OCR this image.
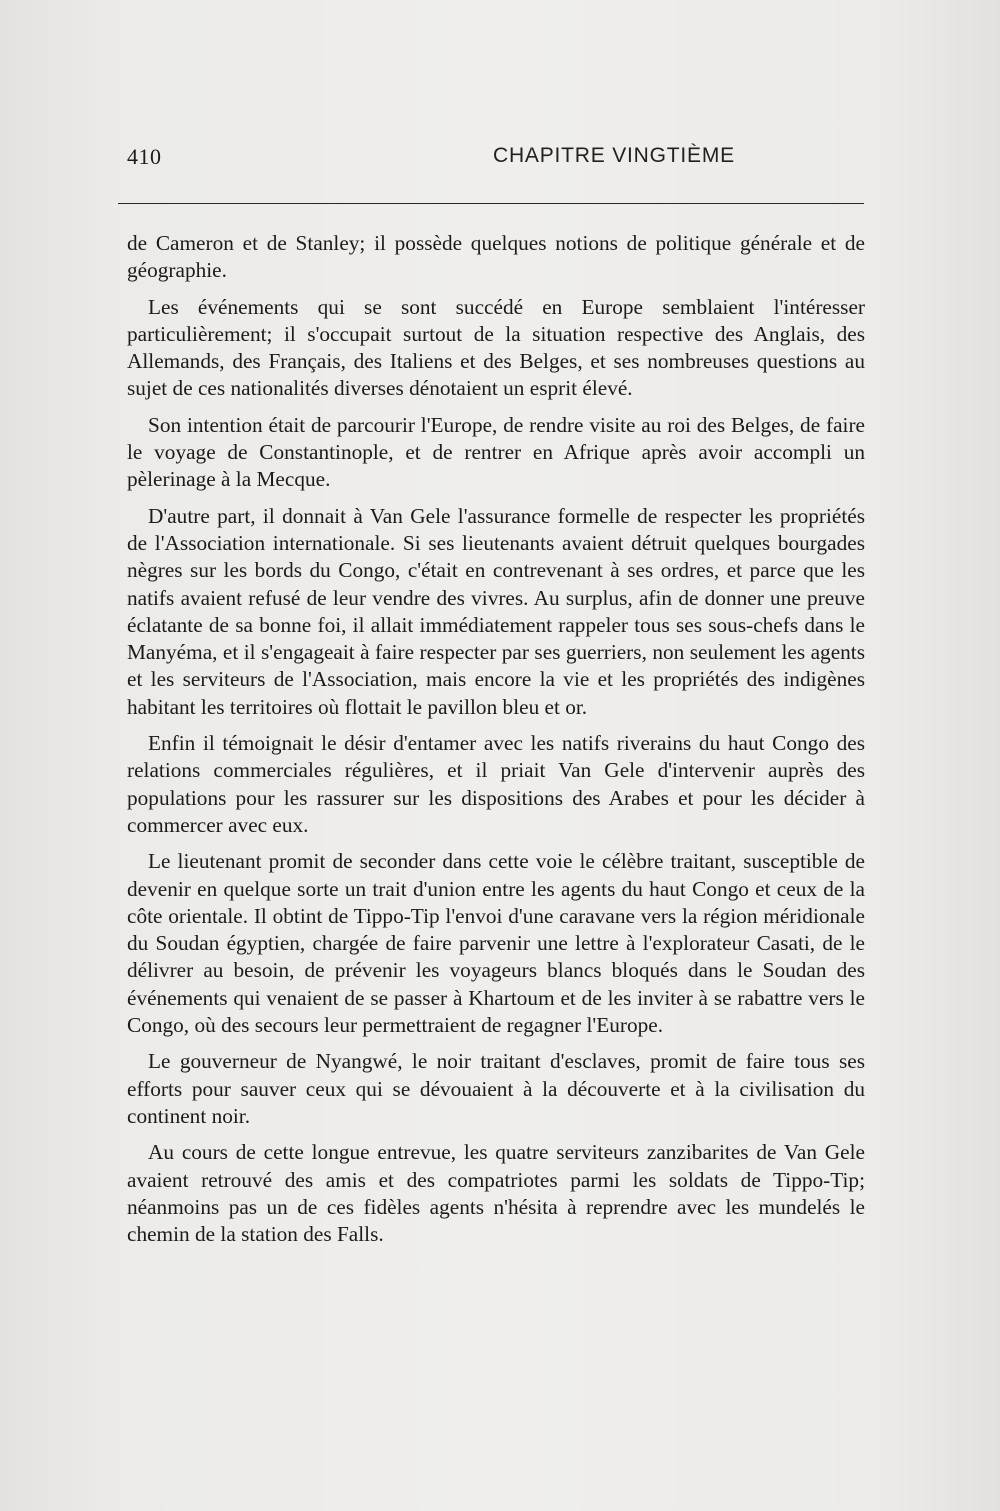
410	CHAPITRE VINGTIÈME

de Cameron et de Stanley; il possède quelques notions de politique générale et de géographie.

Les événements qui se sont succédé en Europe semblaient l'intéresser particulièrement; il s'occupait surtout de la situation respective des Anglais, des Allemands, des Français, des Italiens et des Belges, et ses nombreuses questions au sujet de ces nationalités diverses dénotaient un esprit élevé.

Son intention était de parcourir l'Europe, de rendre visite au roi des Belges, de faire le voyage de Constantinople, et de rentrer en Afrique après avoir accompli un pèlerinage à la Mecque.

D'autre part, il donnait à Van Gele l'assurance formelle de respecter les propriétés de l'Association internationale. Si ses lieutenants avaient détruit quelques bourgades nègres sur les bords du Congo, c'était en contrevenant à ses ordres, et parce que les natifs avaient refusé de leur vendre des vivres. Au surplus, afin de donner une preuve éclatante de sa bonne foi, il allait immédiatement rappeler tous ses sous-chefs dans le Manyéma, et il s'engageait à faire respecter par ses guerriers, non seulement les agents et les serviteurs de l'Association, mais encore la vie et les propriétés des indigènes habitant les territoires où flottait le pavillon bleu et or.

Enfin il témoignait le désir d'entamer avec les natifs riverains du haut Congo des relations commerciales régulières, et il priait Van Gele d'intervenir auprès des populations pour les rassurer sur les dispositions des Arabes et pour les décider à commercer avec eux.

Le lieutenant promit de seconder dans cette voie le célèbre traitant, susceptible de devenir en quelque sorte un trait d'union entre les agents du haut Congo et ceux de la côte orientale. Il obtint de Tippo-Tip l'envoi d'une caravane vers la région méridionale du Soudan égyptien, chargée de faire parvenir une lettre à l'explorateur Casati, de le délivrer au besoin, de prévenir les voyageurs blancs bloqués dans le Soudan des événements qui venaient de se passer à Khartoum et de les inviter à se rabattre vers le Congo, où des secours leur permettraient de regagner l'Europe.

Le gouverneur de Nyangwé, le noir traitant d'esclaves, promit de faire tous ses efforts pour sauver ceux qui se dévouaient à la découverte et à la civilisation du continent noir.

Au cours de cette longue entrevue, les quatre serviteurs zanzibarites de Van Gele avaient retrouvé des amis et des compatriotes parmi les soldats de Tippo-Tip; néanmoins pas un de ces fidèles agents n'hésita à reprendre avec les mundelés le chemin de la station des Falls.
